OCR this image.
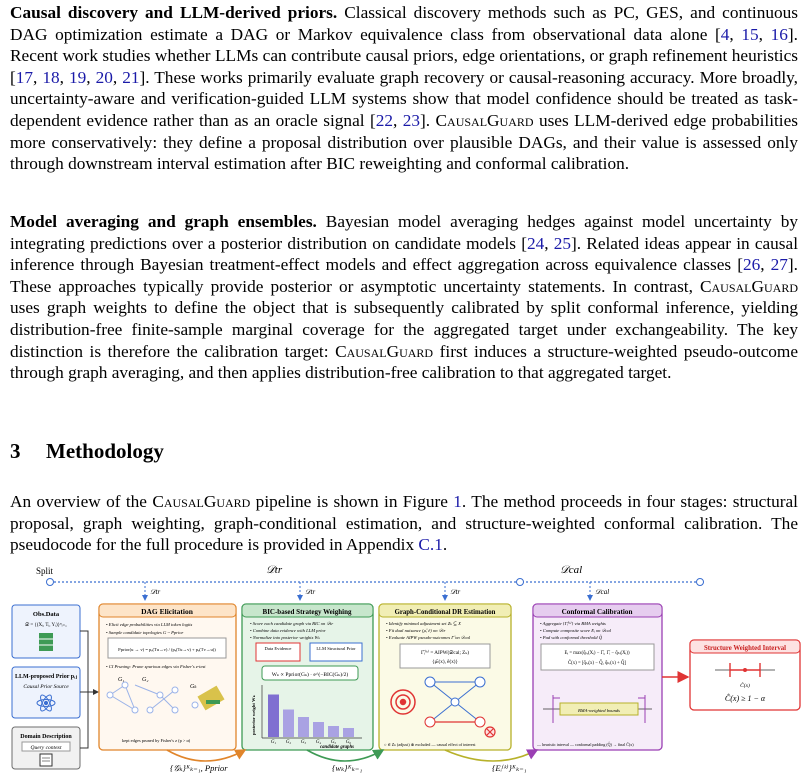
Causal discovery and LLM-derived priors. Classical discovery methods such as PC, GES, and continuous DAG optimization estimate a DAG or Markov equivalence class from observational data alone [4, 15, 16]. Recent work studies whether LLMs can contribute causal priors, edge orientations, or graph refinement heuristics [17, 18, 19, 20, 21]. These works primarily evaluate graph recovery or causal-reasoning accuracy. More broadly, uncertainty-aware and verification-guided LLM systems show that model confidence should be treated as task-dependent evidence rather than as an oracle signal [22, 23]. CausalGuard uses LLM-derived edge probabilities more conservatively: they define a proposal distribution over plausible DAGs, and their value is assessed only through downstream interval estimation after BIC reweighting and conformal calibration.

Model averaging and graph ensembles. Bayesian model averaging hedges against model uncertainty by integrating predictions over a posterior distribution on candidate models [24, 25]. Related ideas appear in causal inference through Bayesian treatment-effect models and effect aggregation across equivalence classes [26, 27]. These approaches typically provide posterior or asymptotic uncertainty statements. In contrast, CausalGuard uses graph weights to define the object that is subsequently calibrated by split conformal inference, yielding distribution-free finite-sample marginal coverage for the aggregated target under exchangeability. The key distinction is therefore the calibration target: CausalGuard first induces a structure-weighted pseudo-outcome through graph averaging, and then applies distribution-free calibration to that aggregated target.

3 Methodology

An overview of the CausalGuard pipeline is shown in Figure 1. The method proceeds in four stages: structural proposal, graph weighting, graph-conditional estimation, and structure-weighted conformal calibration. The pseudocode for the full procedure is provided in Appendix C.1.

Split	𝒟tr	𝒟cal
𝒟tr	𝒟tr	𝒟tr	𝒟cal
Obs.Data
𝒟 = {(Xᵢ, Tᵢ, Yᵢ)}ⁿᵢ₌₁
LLM-proposed Prior pᵢⱼ
Causal Prior Source
Domain Description
Query context
DAG Elicitation
• Elicit edge probabilities via LLM token logits
• Sample candidate topologies G ~ Pprior
Pprior(u → v) = pₑ(Tu→v) / (pₑ(Tu→v) + pₑ(Tv→u))
• CI Pruning: Prune spurious edges via Fisher's z-test
G₁	G₂
Gₖ
kept edges pruned by Fisher's z (p > α)
BIC-based Strategy Weighing
• Score each candidate graph via BIC on 𝒟tr
• Combine data evidence with LLM prior
• Normalize into posterior weights Wₖ
Data Evidence	LLM Structural Prior
Wₖ ∝ Pprior(Gₖ) · e^(−BIC(Gₖ)/2)
posterior weight Wₖ
G₁ G₂ G₃ G₄ G₅ G₆
candidate graphs
Graph-Conditional DR Estimation
• Identify minimal adjustment set Zₖ ⊆ X
• Fit dual nuisance (μ̂, ê) on 𝒟tr
• Evaluate AIPW pseudo-outcomes Γ̂ on 𝒟cal
Γ̂ᵢ⁽ᵏ⁾ = AIPW(𝒟cal; Zₖ)
{μ̂ₜ(x), ê(x)}
○ ∈ Zₖ (adjust) ⊗ excluded — causal effect of interest
Conformal Calibration
• Aggregate {Γ̂ᵢ⁽ᵏ⁾} via BMA weights
• Compute composite score Eᵢ on 𝒟cal
• Pad with conformal threshold Q̂
Eᵢ = max(q̂ₗₒ(Xᵢ) − Γ̄ᵢ, Γ̄ᵢ − q̂ₕᵢ(Xᵢ))
Ĉ(x) = [q̂ₗₒ(x) − Q̂, q̂ₕᵢ(x) + Q̂]
BMA-weighted bounds
— heuristic interval — conformal padding (Q̂) → final Ĉ(x)
Structure Weighted Interval
Ĉ(x)
Ĉ(x) ≥ 1 − α
{𝒢ₖ}ᴷₖ₌₁, Pprior	{wₖ}ᴷₖ₌₁	{Eᵢ⁽ᵏ⁾}ᴷₖ₌₁
